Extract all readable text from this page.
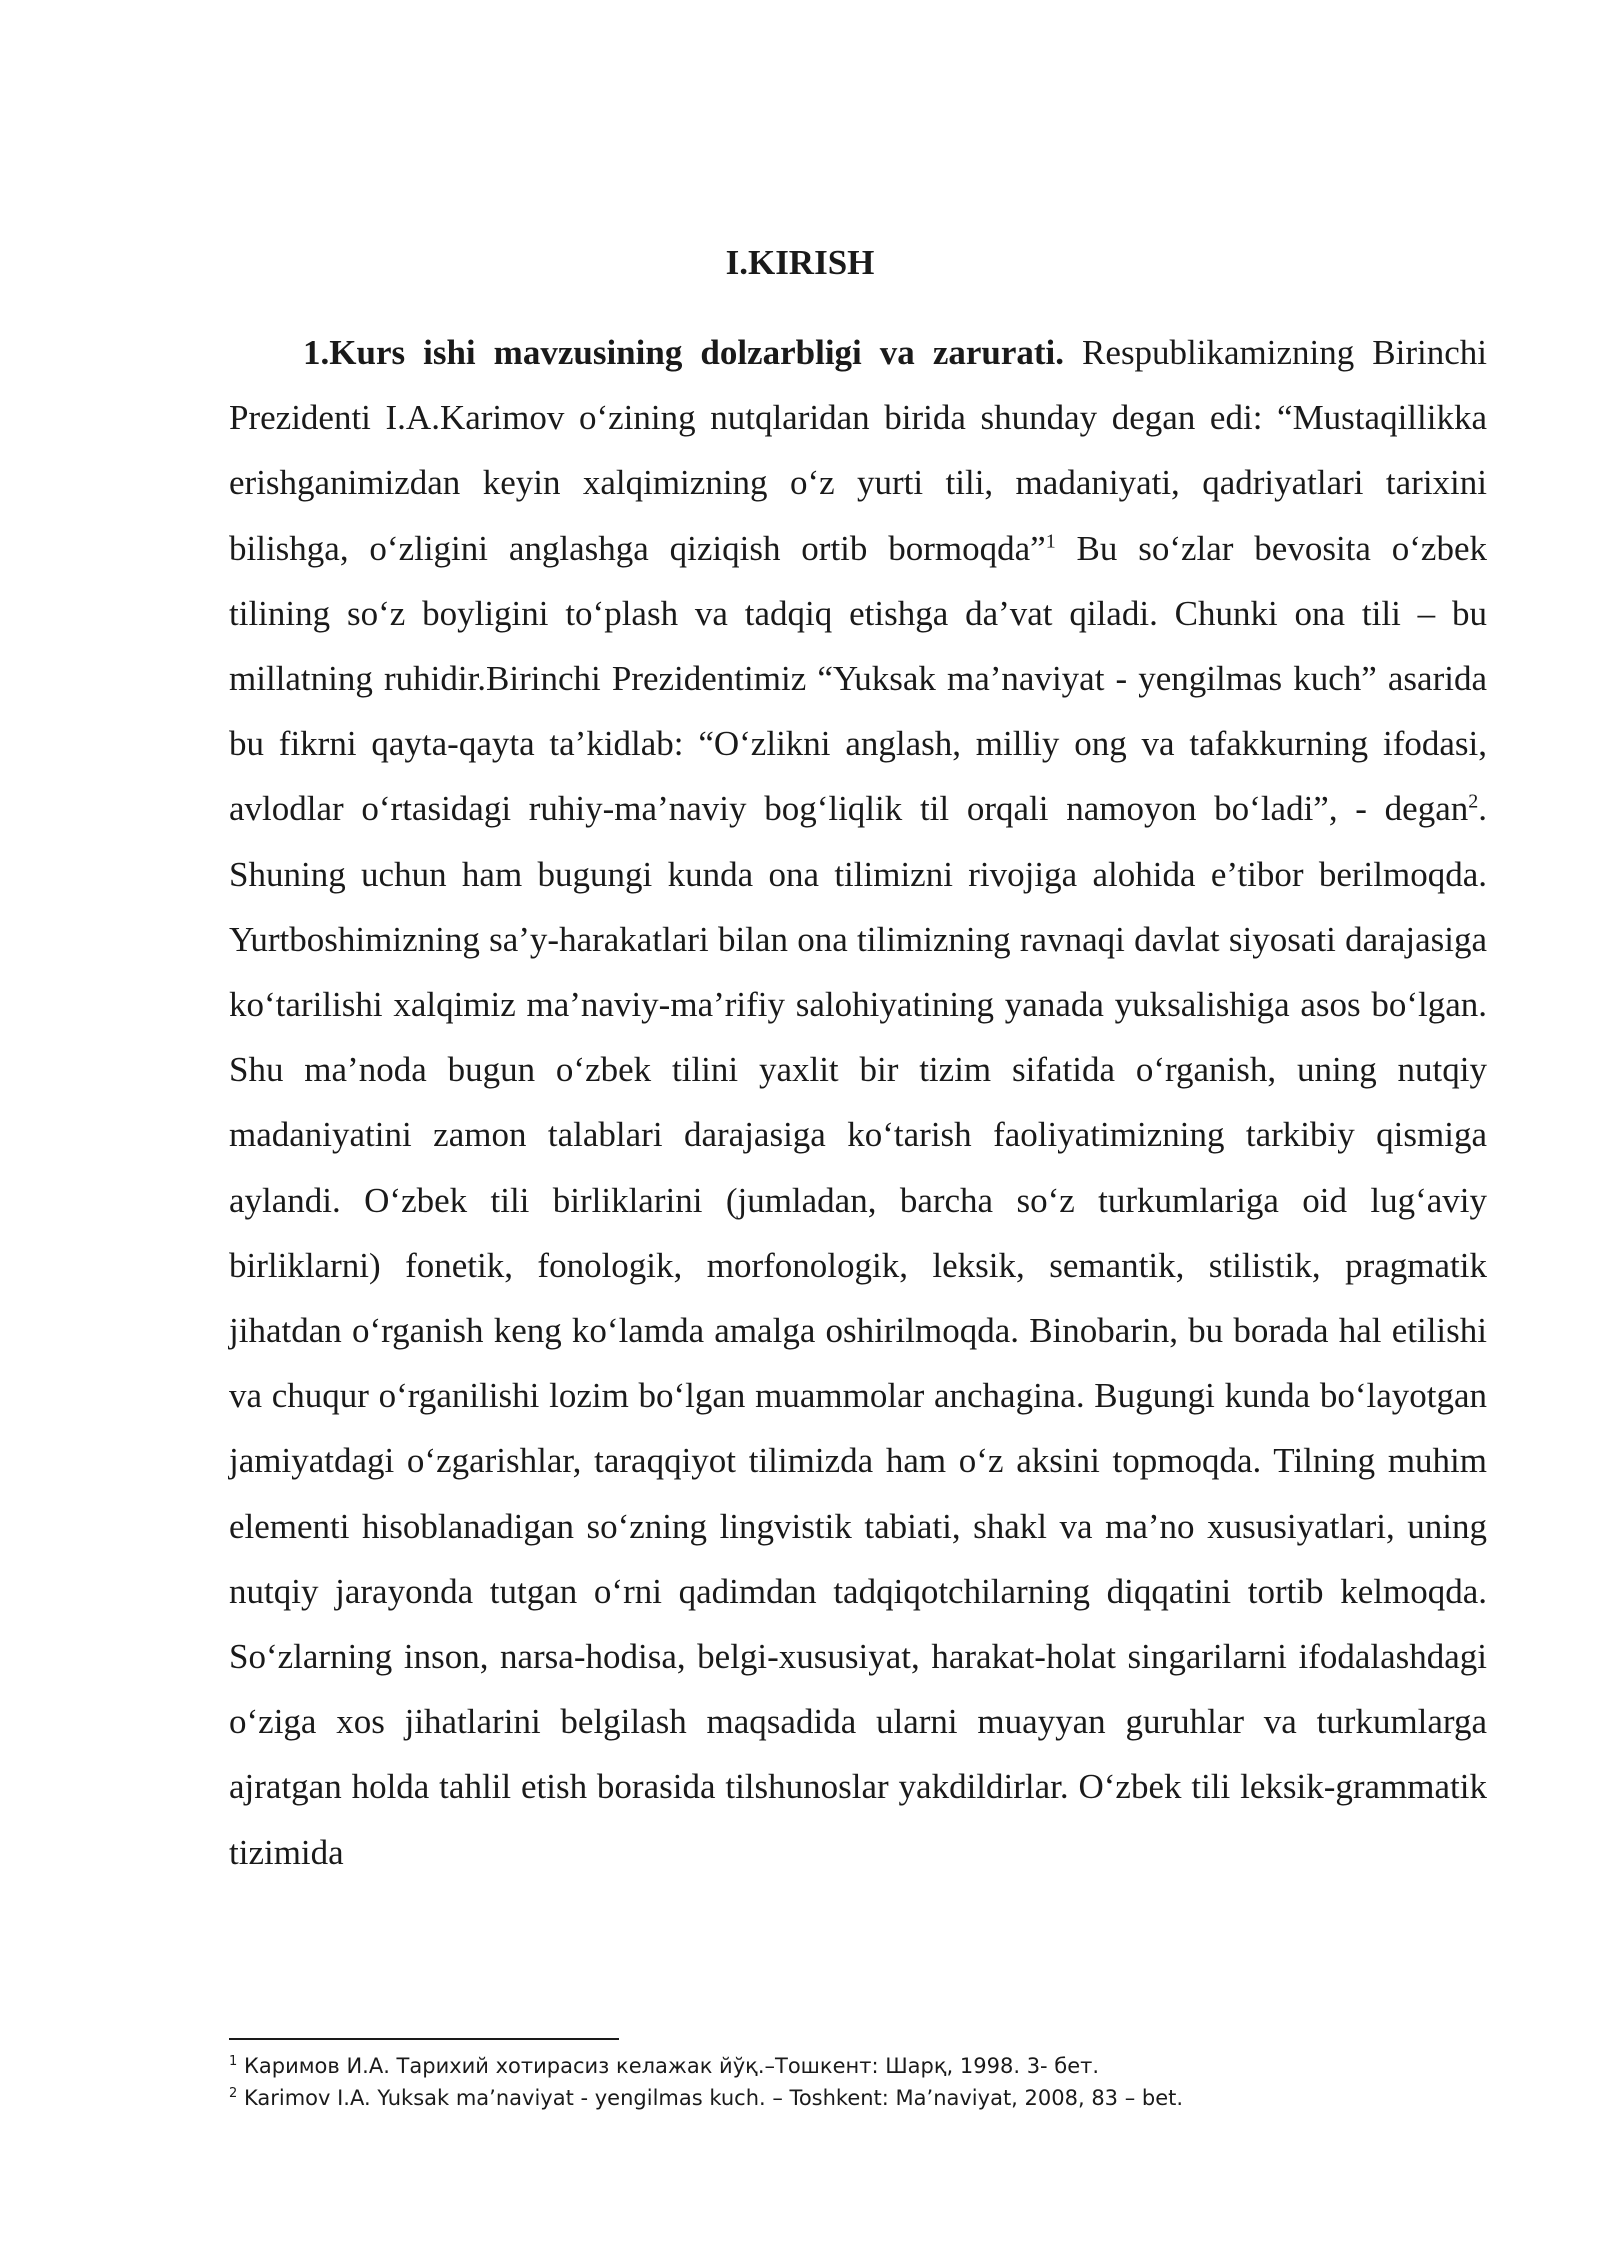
I.KIRISH

1.Kurs ishi mavzusining dolzarbligi va zarurati. Respublikamizning Birinchi Prezidenti I.A.Karimov o‘zining nutqlaridan birida shunday degan edi: “Mustaqillikka erishganimizdan keyin xalqimizning o‘z yurti tili, madaniyati, qadriyatlari tarixini bilishga, o‘zligini anglashga qiziqish ortib bormoqda”$^1$ Bu so‘zlar bevosita o‘zbek tilining so‘z boyligini to‘plash va tadqiq etishga da’vat qiladi. Chunki ona tili – bu millatning ruhidir.Birinchi Prezidentimiz “Yuksak ma’naviyat - yengilmas kuch” asarida bu fikrni qayta-qayta ta’kidlab: “O‘zlikni anglash, milliy ong va tafakkurning ifodasi, avlodlar o‘rtasidagi ruhiy-ma’naviy bog‘liqlik til orqali namoyon bo‘ladi”, - degan$^2$. Shuning uchun ham bugungi kunda ona tilimizni rivojiga alohida e’tibor berilmoqda. Yurtboshimizning sa’y-harakatlari bilan ona tilimizning ravnaqi davlat siyosati darajasiga ko‘tarilishi xalqimiz ma’naviy-ma’rifiy salohiyatining yanada yuksalishiga asos bo‘lgan. Shu ma’noda bugun o‘zbek tilini yaxlit bir tizim sifatida o‘rganish, uning nutqiy madaniyatini zamon talablari darajasiga ko‘tarish faoliyatimizning tarkibiy qismiga aylandi. O‘zbek tili birliklarini (jumladan, barcha so‘z turkumlariga oid lug‘aviy birliklarni) fonetik, fonologik, morfonologik, leksik, semantik, stilistik, pragmatik jihatdan o‘rganish keng ko‘lamda amalga oshirilmoqda. Binobarin, bu borada hal etilishi va chuqur o‘rganilishi lozim bo‘lgan muammolar anchagina. Bugungi kunda bo‘layotgan jamiyatdagi o‘zgarishlar, taraqqiyot tilimizda ham o‘z aksini topmoqda. Tilning muhim elementi hisoblanadigan so‘zning lingvistik tabiati, shakl va ma’no xususiyatlari, uning nutqiy jarayonda tutgan o‘rni qadimdan tadqiqotchilarning diqqatini tortib kelmoqda. So‘zlarning inson, narsa-hodisa, belgi-xususiyat, harakat-holat singarilarni ifodalashdagi o‘ziga xos jihatlarini belgilash maqsadida ularni muayyan guruhlar va turkumlarga ajratgan holda tahlil etish borasida tilshunoslar yakdildirlar. O‘zbek tili leksik-grammatik tizimida

$^1$ Каримов И.А. Тарихий хотирасиз келажак йўқ.–Тошкент: Шарқ, 1998. 3- бет.
$^2$ Karimov I.A. Yuksak ma’naviyat - yengilmas kuch. – Toshkent: Ma’naviyat, 2008, 83 – bet.
